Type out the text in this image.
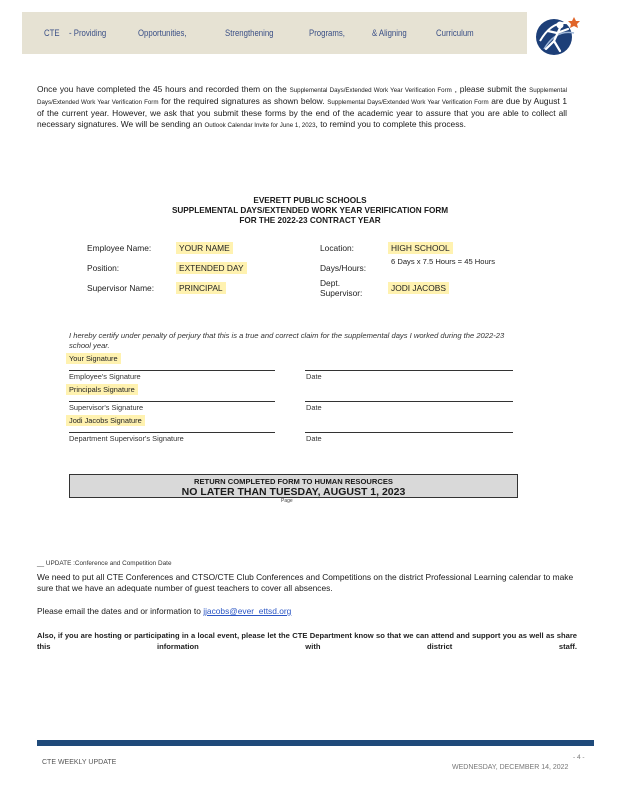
CTE - Providing	Opportunities,	Strengthening	Programs,	& Aligning	Curriculum
Once you have completed the 45 hours and recorded them on the Supplemental Days/Extended Work Year Verification Form , please submit the Supplemental Days/Extended Work Year Verification Form for the required signatures as shown below. Supplemental Days/Extended Work Year Verification Form are due by August 1 of the current year. However, we ask that you submit these forms by the end of the academic year to assure that you are able to collect all necessary signatures. We will be sending an Outlook Calendar Invite for June 1, 2023, to remind you to complete this process.
EVERETT PUBLIC SCHOOLS
SUPPLEMENTAL DAYS/EXTENDED WORK YEAR VERIFICATION FORM
FOR THE 2022-23 CONTRACT YEAR
Employee Name:	YOUR NAME
Position:	EXTENDED DAY
Supervisor Name:	PRINCIPAL
Location:	HIGH SCHOOL
Days/Hours:
6 Days x 7.5 Hours = 45 Hours
Dept.
Supervisor:	JODI JACOBS
I hereby certify under penalty of perjury that this is a true and correct claim for the supplemental days I worked during the 2022-23 school year.
Your Signature
Employee's Signature	Date
Principals Signature
Supervisor's Signature	Date
Jodi Jacobs Signature
Department Supervisor's Signature	Date
RETURN COMPLETED FORM TO HUMAN RESOURCES
NO LATER THAN TUESDAY, AUGUST 1, 2023
Page
__ UPDATE :Conference and Competition Date
We need to put all CTE Conferences and CTSO/CTE Club Conferences and Competitions on the district Professional Learning calendar to make sure that we have an adequate number of guest teachers to cover all absences.
Please email the dates and or information to jjacobs@ever_ettsd.org
Also, if you are hosting or participating in a local event, please let the CTE Department know so that we can attend and support you as well as share this information with district staff.
CTE WEEKLY UPDATE
- 4 -
WEDNESDAY, DECEMBER 14, 2022
